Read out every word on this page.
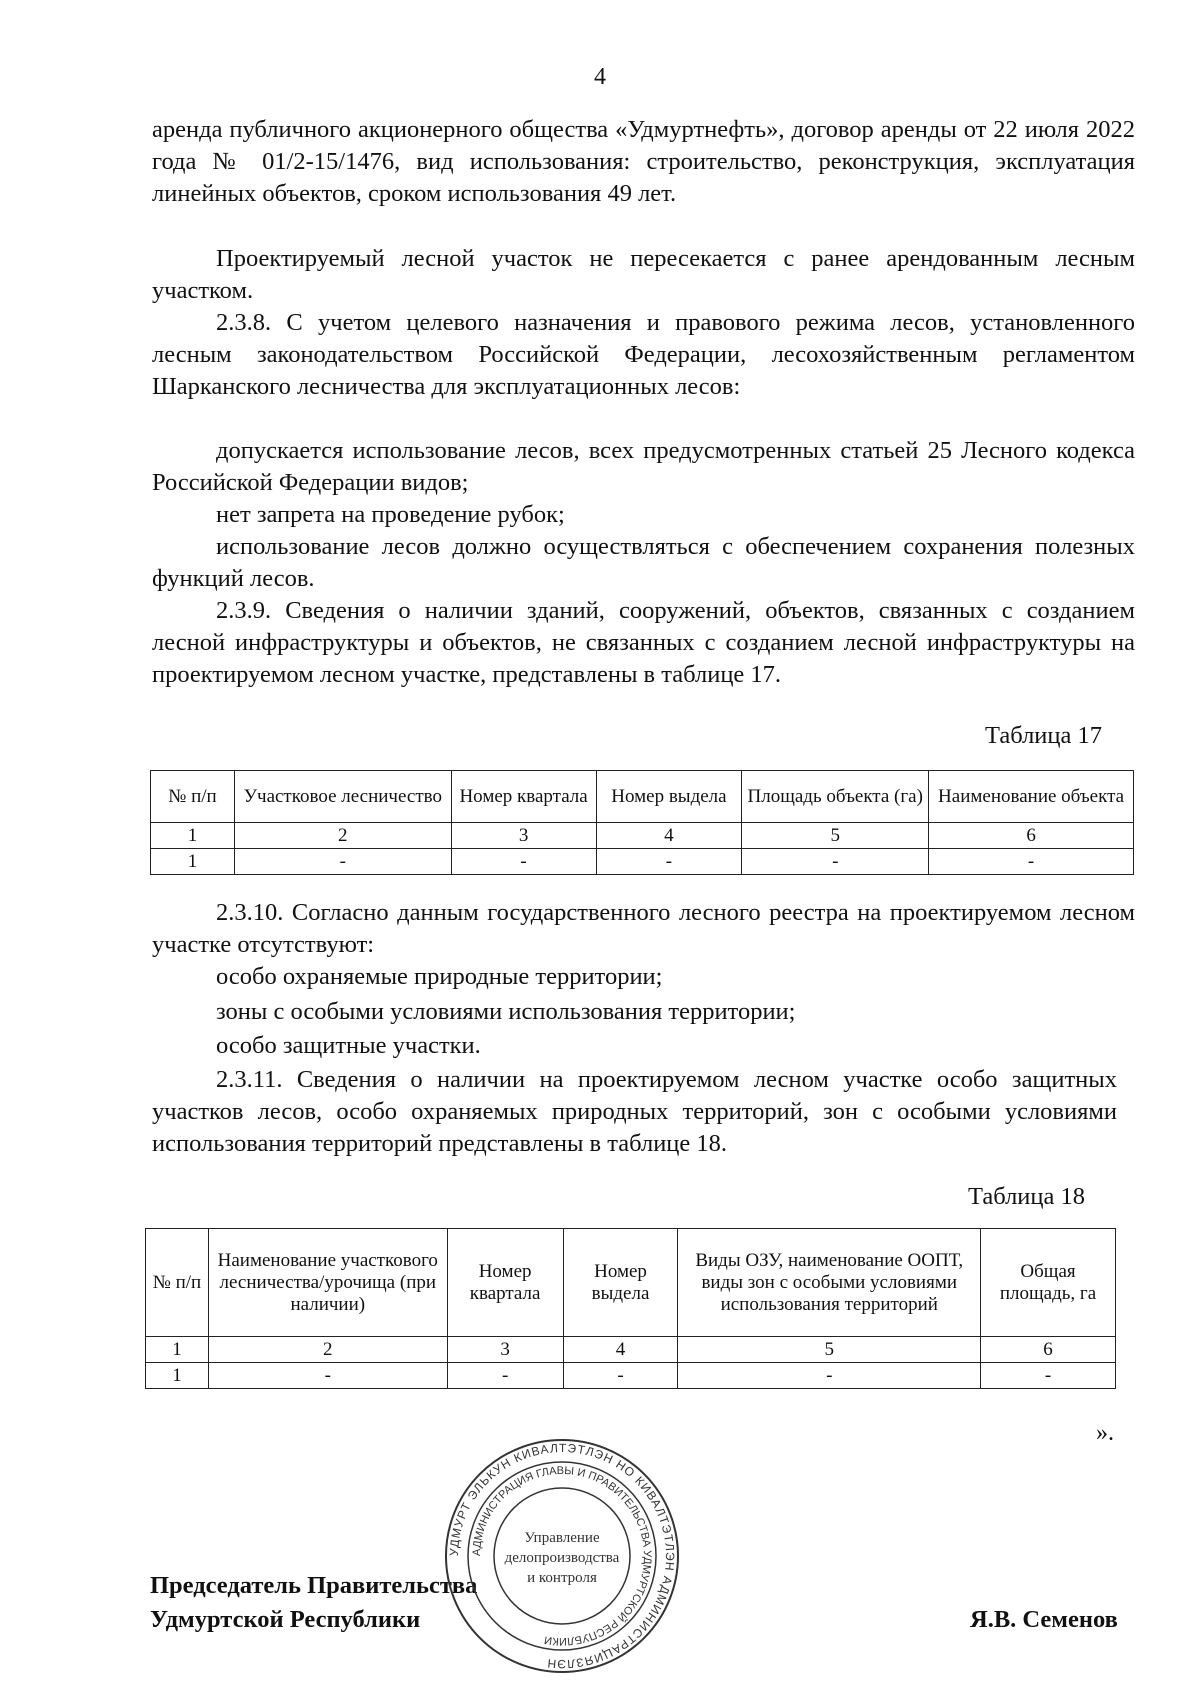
4

аренда публичного акционерного общества «Удмуртнефть», договор аренды от 22 июля 2022 года № 01/2-15/1476, вид использования: строительство, реконструкция, эксплуатация линейных объектов, сроком использования 49 лет.

Проектируемый лесной участок не пересекается с ранее арендованным лесным участком.

2.3.8. С учетом целевого назначения и правового режима лесов, установленного лесным законодательством Российской Федерации, лесохозяйственным регламентом Шарканского лесничества для эксплуатационных лесов:

допускается использование лесов, всех предусмотренных статьей 25 Лесного кодекса Российской Федерации видов;

нет запрета на проведение рубок;

использование лесов должно осуществляться с обеспечением сохранения полезных функций лесов.

2.3.9. Сведения о наличии зданий, сооружений, объектов, связанных с созданием лесной инфраструктуры и объектов, не связанных с созданием лесной инфраструктуры на проектируемом лесном участке, представлены в таблице 17.

Таблица 17
№ п/п	Участковое лесничество	Номер квартала	Номер выдела	Площадь объекта (га)	Наименование объекта
1	2	3	4	5	6
1	-	-	-	-	-

2.3.10. Согласно данным государственного лесного реестра на проектируемом лесном участке отсутствуют:

особо охраняемые природные территории;

зоны с особыми условиями использования территории;

особо защитные участки.

2.3.11. Сведения о наличии на проектируемом лесном участке особо защитных участков лесов, особо охраняемых природных территорий, зон с особыми условиями использования территорий представлены в таблице 18.

Таблица 18
№ п/п	Наименование участкового лесничества/урочища (при наличии)	Номер квартала	Номер выдела	Виды ОЗУ, наименование ООПТ, виды зон с особыми условиями использования территорий	Общая площадь, га
1	2	3	4	5	6
1	-	-	-	-	-
».
Председатель Правительства
Удмуртской Республики	Я.В. Семенов
УДМУРТ ЭЛЬКУН КИВАЛТЭТЛЭН НО КИВАЛТЭТЛЭН АДМИНИСТРАЦИЯЗЛЭН
АДМИНИСТРАЦИЯ ГЛАВЫ И ПРАВИТЕЛЬСТВА УДМУРТСКОЙ РЕСПУБЛИКИ
Управление
делопроизводства
и контроля
